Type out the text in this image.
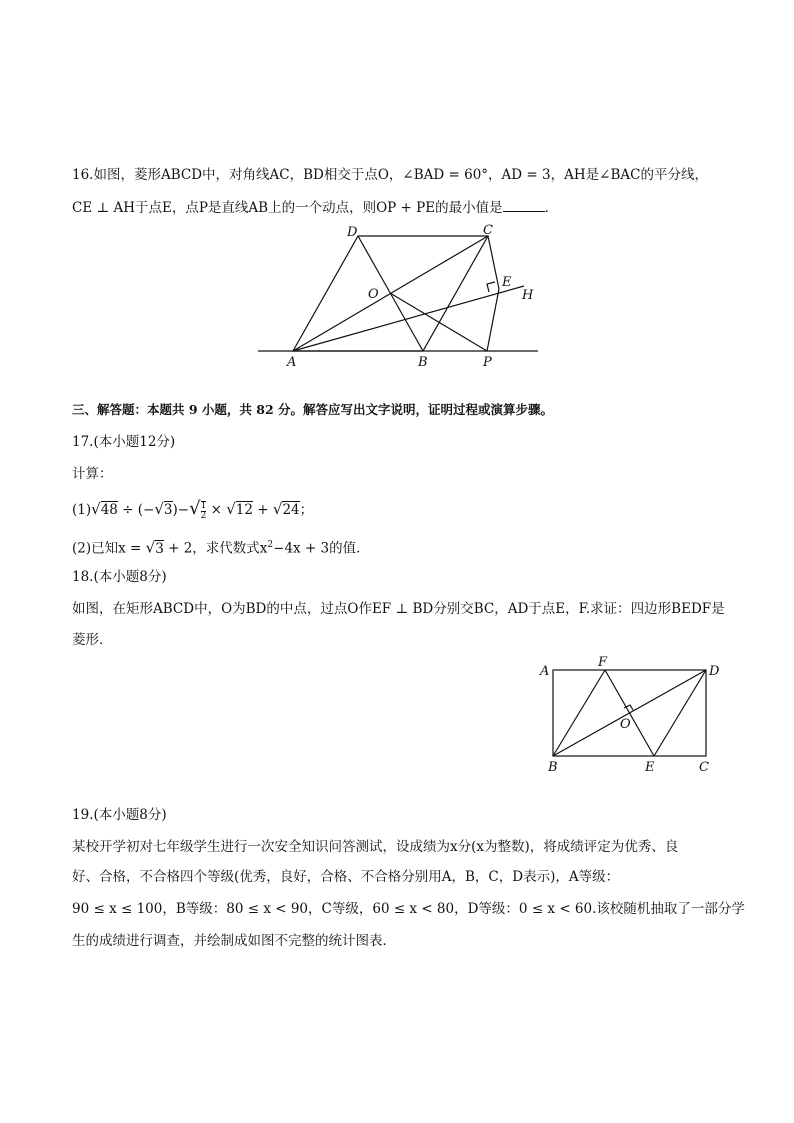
16.如图，菱形ABCD中，对角线AC，BD相交于点O，∠BAD = 60°，AD = 3，AH是∠BAC的平分线，
CE ⊥ AH于点E，点P是直线AB上的一个动点，则OP + PE的最小值是	．
D	C
O
E
H
A	B	P
三、解答题：本题共 9 小题，共 82 分。解答应写出文字说明，证明过程或演算步骤。
17.(本小题12分)
计算：
$(1)√48 \div (-√3)-√ \frac{1}{2} \times √12 + √24$；
(2)已知x = √3 + 2，求代数式$x^2-4x + 3$的值．
18.(本小题8分)
如图，在矩形ABCD中，O为BD的中点，过点O作EF ⊥ BD分别交BC，AD于点E，F.求证：四边形BEDF是
菱形．
A
F
D
O
B	E	C
19.(本小题8分)
某校开学初对七年级学生进行一次安全知识问答测试，设成绩为x分(x为整数)，将成绩评定为优秀、良
好、合格，不合格四个等级(优秀，良好，合格、不合格分别用A，B，C，D表示)，A等级：
90 ≤ x ≤ 100，B等级：80 ≤ x < 90，C等级，60 ≤ x < 80，D等级：0 ≤ x < 60.该校随机抽取了一部分学
生的成绩进行调查，并绘制成如图不完整的统计图表．
